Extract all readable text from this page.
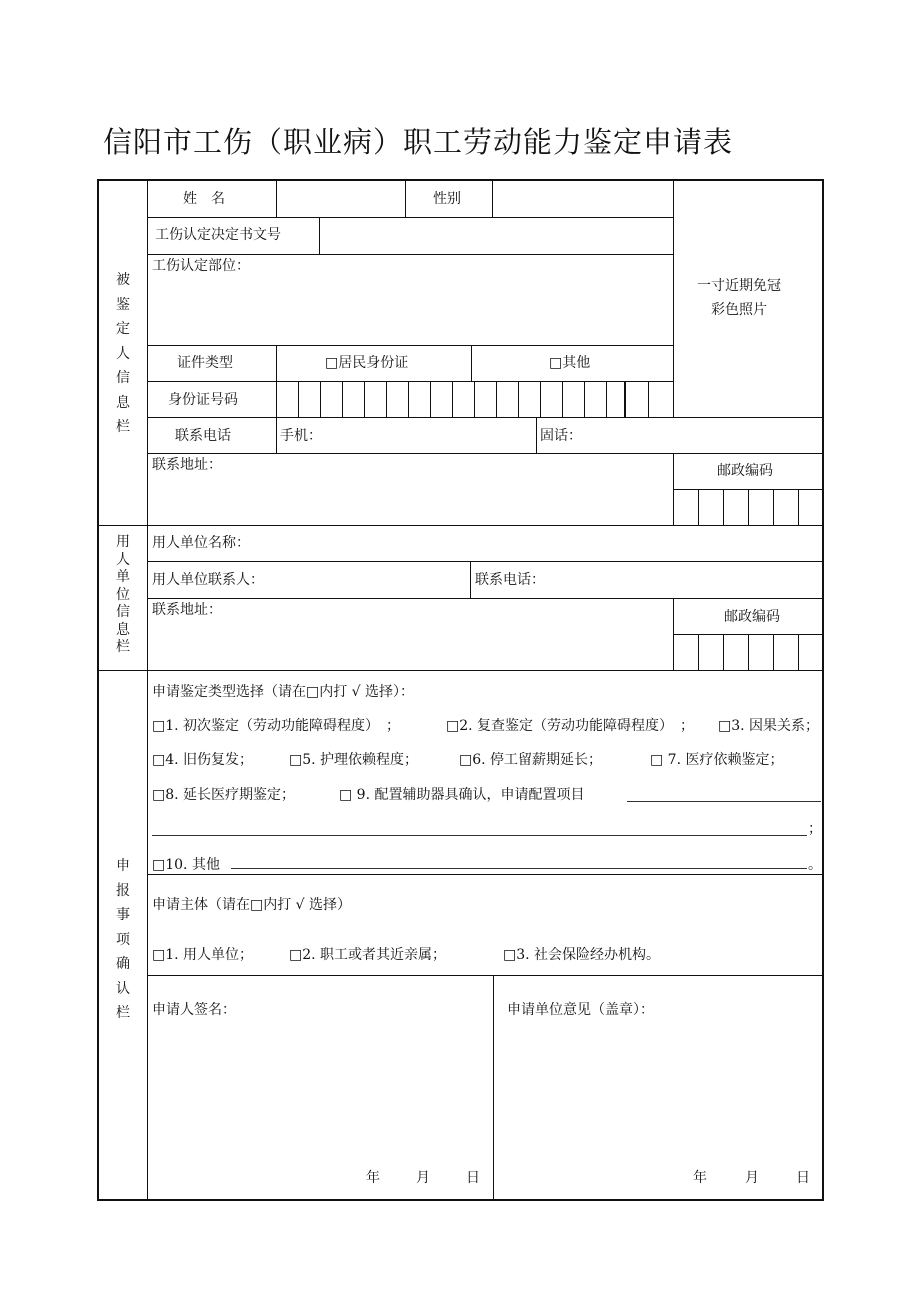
信阳市工伤（职业病）职工劳动能力鉴定申请表
被鉴定人信息栏
姓　名	性别
工伤认定决定书文号
工伤认定部位：
一寸近期免冠
彩色照片
证件类型	□居民身份证	□其他
身份证号码
联系电话	手机：	固话：
联系地址：	邮政编码
用人单位信息栏
用人单位名称：
用人单位联系人：	联系电话：
联系地址：	邮政编码
申报事项确认栏
申请鉴定类型选择（请在□内打 √ 选择）：
□1. 初次鉴定（劳动功能障碍程度）　；	□2. 复查鉴定（劳动功能障碍程度）　； □3. 因果关系；
□4. 旧伤复发；	□5. 护理依赖程度；	□6. 停工留薪期延长；	□ 7. 医疗依赖鉴定；
□8. 延长医疗期鉴定；	□ 9. 配置辅助器具确认，申请配置项目
；
□10. 其他	。
申请主体（请在□内打 √ 选择）
□1. 用人单位；	□2. 职工或者其近亲属；	□3. 社会保险经办机构。
申请人签名：
年	月	日
申请单位意见（盖章）：
年	月	日
